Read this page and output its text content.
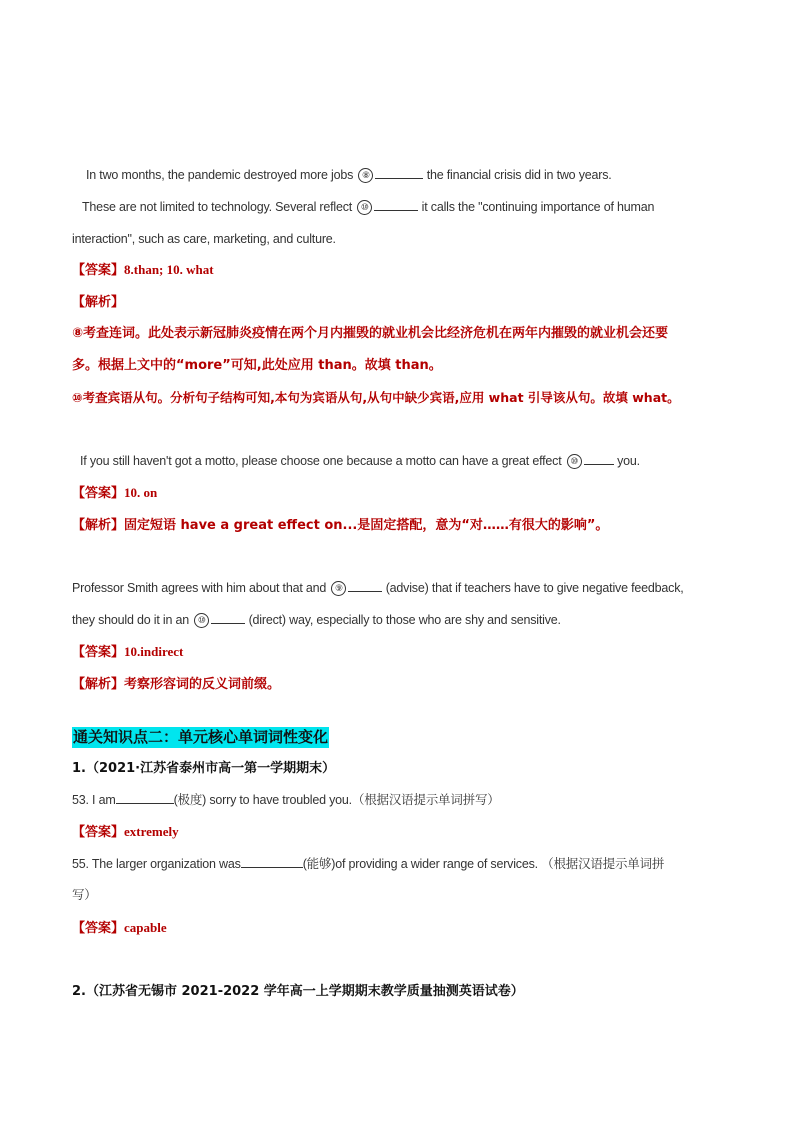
In two months, the pandemic destroyed more jobs ⑧	the financial crisis did in two years.
These are not limited to technology. Several reflect ⑩	it calls the "continuing importance of human
interaction", such as care, marketing, and culture.
【答案】8.than; 10. what
【解析】
⑧考查连词。此处表示新冠肺炎疫情在两个月内摧毁的就业机会比经济危机在两年内摧毁的就业机会还要
多。根据上文中的“more”可知,此处应用 than。故填 than。
⑩考查宾语从句。分析句子结构可知,本句为宾语从句,从句中缺少宾语,应用 what 引导该从句。故填 what。
If you still haven't got a motto, please choose one because a motto can have a great effect ⑩	you.
【答案】10. on
【解析】固定短语 have a great effect on...是固定搭配，意为“对……有很大的影响”。
Professor Smith agrees with him about that and ⑨	(advise) that if teachers have to give negative feedback,
they should do it in an ⑩	(direct) way, especially to those who are shy and sensitive.
【答案】10.indirect
【解析】考察形容词的反义词前缀。
通关知识点二：单元核心单词词性变化
1.（2021·江苏省泰州市高一第一学期期末）
53. I am	(极度) sorry to have troubled you.（根据汉语提示单词拼写）
【答案】extremely
55. The larger organization was	(能够)of providing a wider range of services. （根据汉语提示单词拼
写）
【答案】capable
2.（江苏省无锡市 2021-2022 学年高一上学期期末教学质量抽测英语试卷）
